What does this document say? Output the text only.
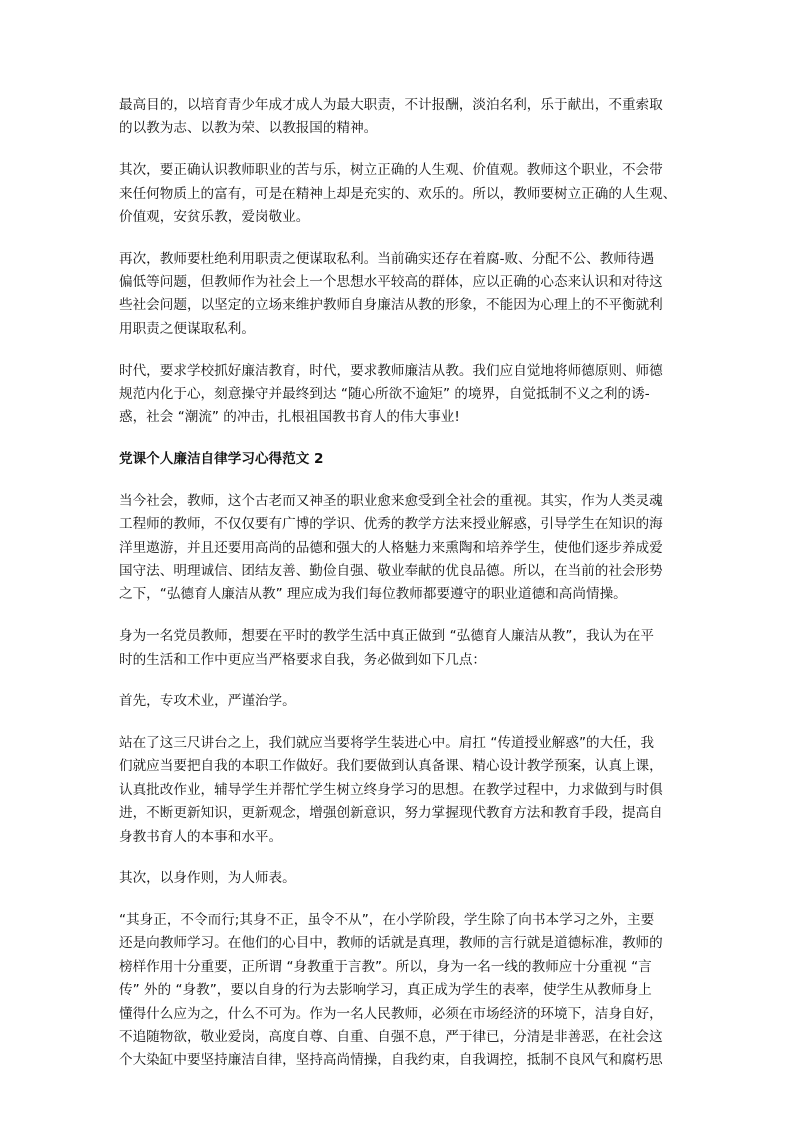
最高目的，以培育青少年成才成人为最大职责，不计报酬，淡泊名利，乐于献出，不重索取
的以教为志、以教为荣、以教报国的精神。
其次，要正确认识教师职业的苦与乐，树立正确的人生观、价值观。教师这个职业，不会带
来任何物质上的富有，可是在精神上却是充实的、欢乐的。所以，教师要树立正确的人生观、
价值观，安贫乐教，爱岗敬业。
再次，教师要杜绝利用职责之便谋取私利。当前确实还存在着腐-败、分配不公、教师待遇
偏低等问题，但教师作为社会上一个思想水平较高的群体，应以正确的心态来认识和对待这
些社会问题，以坚定的立场来维护教师自身廉洁从教的形象，不能因为心理上的不平衡就利
用职责之便谋取私利。
时代，要求学校抓好廉洁教育，时代，要求教师廉洁从教。我们应自觉地将师德原则、师德
规范内化于心，刻意操守并最终到达 “随心所欲不逾矩” 的境界，自觉抵制不义之利的诱-
惑，社会 “潮流” 的冲击，扎根祖国教书育人的伟大事业!
党课个人廉洁自律学习心得范文 2
当今社会，教师，这个古老而又神圣的职业愈来愈受到全社会的重视。其实，作为人类灵魂
工程师的教师，不仅仅要有广博的学识、优秀的教学方法来授业解惑，引导学生在知识的海
洋里遨游，并且还要用高尚的品德和强大的人格魅力来熏陶和培养学生，使他们逐步养成爱
国守法、明理诚信、团结友善、勤俭自强、敬业奉献的优良品德。所以，在当前的社会形势
之下，“弘德育人廉洁从教” 理应成为我们每位教师都要遵守的职业道德和高尚情操。
身为一名党员教师，想要在平时的教学生活中真正做到 “弘德育人廉洁从教”，我认为在平
时的生活和工作中更应当严格要求自我，务必做到如下几点：
首先，专攻术业，严谨治学。
站在了这三尺讲台之上，我们就应当要将学生装进心中。肩扛 “传道授业解惑”的大任，我
们就应当要把自我的本职工作做好。我们要做到认真备课、精心设计教学预案，认真上课，
认真批改作业，辅导学生并帮忙学生树立终身学习的思想。在教学过程中，力求做到与时俱
进，不断更新知识，更新观念，增强创新意识，努力掌握现代教育方法和教育手段，提高自
身教书育人的本事和水平。
其次，以身作则，为人师表。
“其身正，不令而行;其身不正，虽令不从”，在小学阶段，学生除了向书本学习之外，主要
还是向教师学习。在他们的心目中，教师的话就是真理，教师的言行就是道德标准，教师的
榜样作用十分重要，正所谓 “身教重于言教”。所以，身为一名一线的教师应十分重视 “言
传” 外的 “身教”，要以自身的行为去影响学习，真正成为学生的表率，使学生从教师身上
懂得什么应为之，什么不可为。作为一名人民教师，必须在市场经济的环境下，洁身自好，
不追随物欲，敬业爱岗，高度自尊、自重、自强不息，严于律已，分清是非善恶，在社会这
个大染缸中要坚持廉洁自律，坚持高尚情操，自我约束，自我调控，抵制不良风气和腐朽思
